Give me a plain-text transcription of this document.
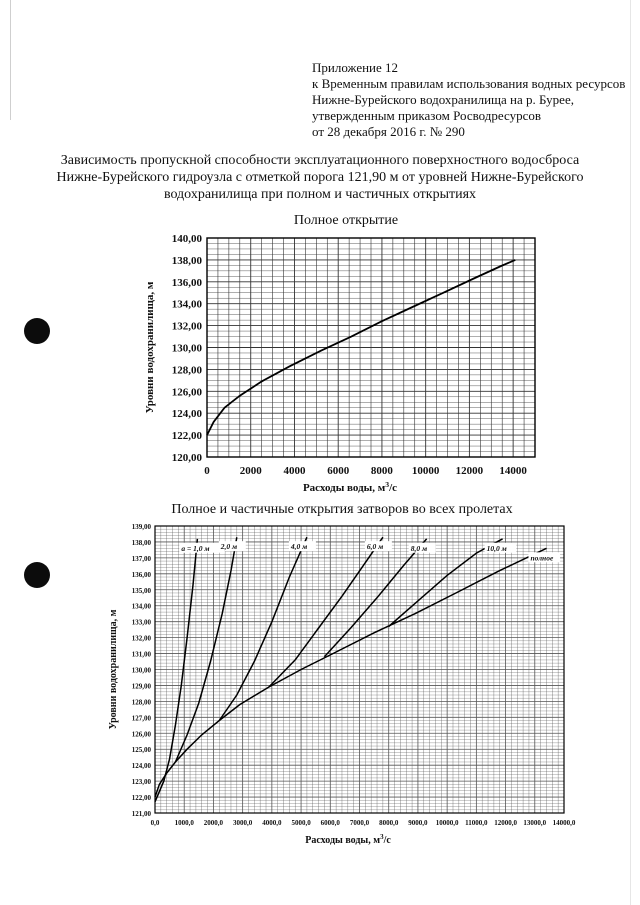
Приложение 12
к Временным правилам использования водных ресурсов
Нижне-Бурейского водохранилища на р. Бурее,
утвержденным приказом Росводресурсов
от 28 декабря 2016 г. № 290
Зависимость пропускной способности эксплуатационного поверхностного водосброса
Нижне-Бурейского гидроузла с отметкой порога 121,90 м от уровней Нижне-Бурейского
водохранилища при полном и частичных открытиях
Полное открытие
120,00
122,00
124,00
126,00
128,00
130,00
132,00
134,00
136,00
138,00
140,00
0	2000 4000 6000 8000 10000 12000 14000
Расходы воды, $м^3/с$
Уровни водохранилища, м
Полное и частичные открытия затворов во всех пролетах
121,00
122,00
123,00
124,00
125,00
126,00
127,00
128,00
129,00
130,00
131,00
132,00
133,00
134,00
135,00
136,00
137,00
138,00
139,00
0,0 1000,0 2000,0 3000,0 4000,0 5000,0 6000,0 7000,0 8000,0 9000,0 10000,0 11000,0 12000,0 13000,0 14000,0
Расходы воды, $м^3/с$
Уровни водохранилища, м
полное
а = 1,0 м 2,0 м	4,0 м	6,0 м	8,0 м	10,0 м
